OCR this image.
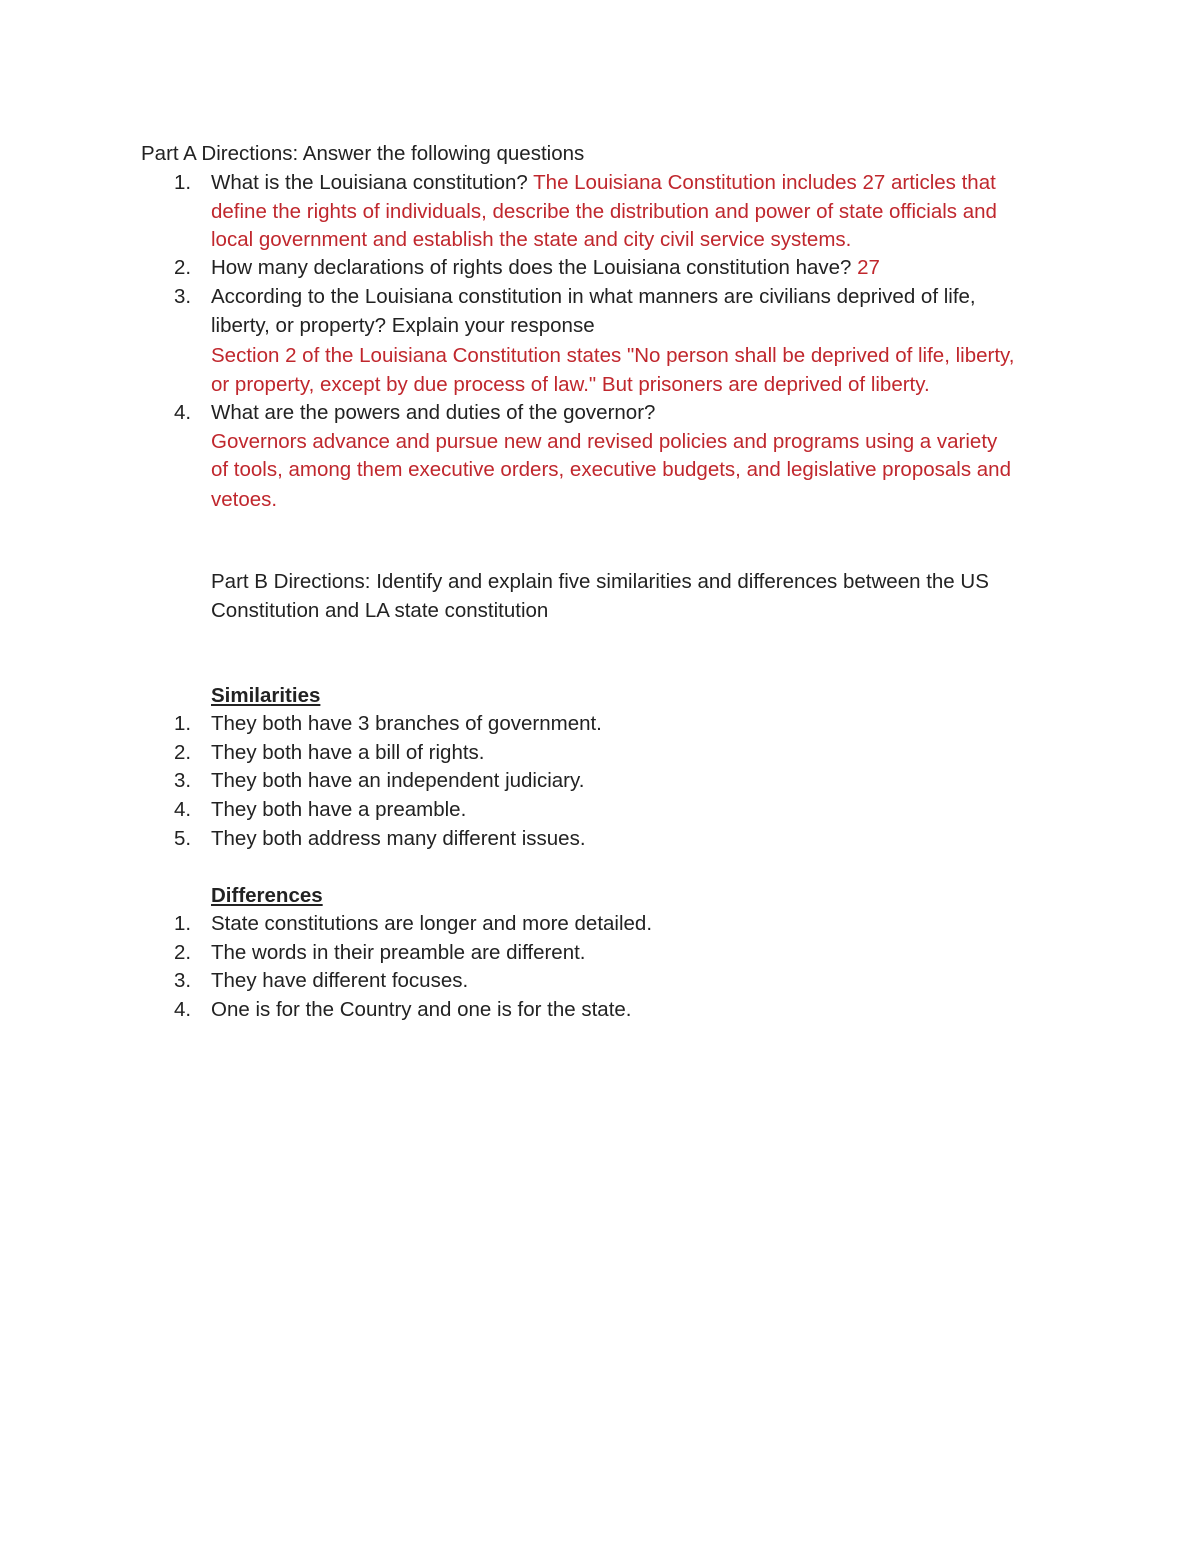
Part A Directions: Answer the following questions
1. What is the Louisiana constitution? The Louisiana Constitution includes 27 articles that
define the rights of individuals, describe the distribution and power of state officials and
local government and establish the state and city civil service systems.
2. How many declarations of rights does the Louisiana constitution have? 27
3. According to the Louisiana constitution in what manners are civilians deprived of life,
liberty, or property? Explain your response
Section 2 of the Louisiana Constitution states "No person shall be deprived of life, liberty,
or property, except by due process of law." But prisoners are deprived of liberty.
4. What are the powers and duties of the governor?
Governors advance and pursue new and revised policies and programs using a variety
of tools, among them executive orders, executive budgets, and legislative proposals and
vetoes.
Part B Directions: Identify and explain five similarities and differences between the US
Constitution and LA state constitution
Similarities
1. They both have 3 branches of government.
2. They both have a bill of rights.
3. They both have an independent judiciary.
4. They both have a preamble.
5. They both address many different issues.
Differences
1. State constitutions are longer and more detailed.
2. The words in their preamble are different.
3. They have different focuses.
4. One is for the Country and one is for the state.
